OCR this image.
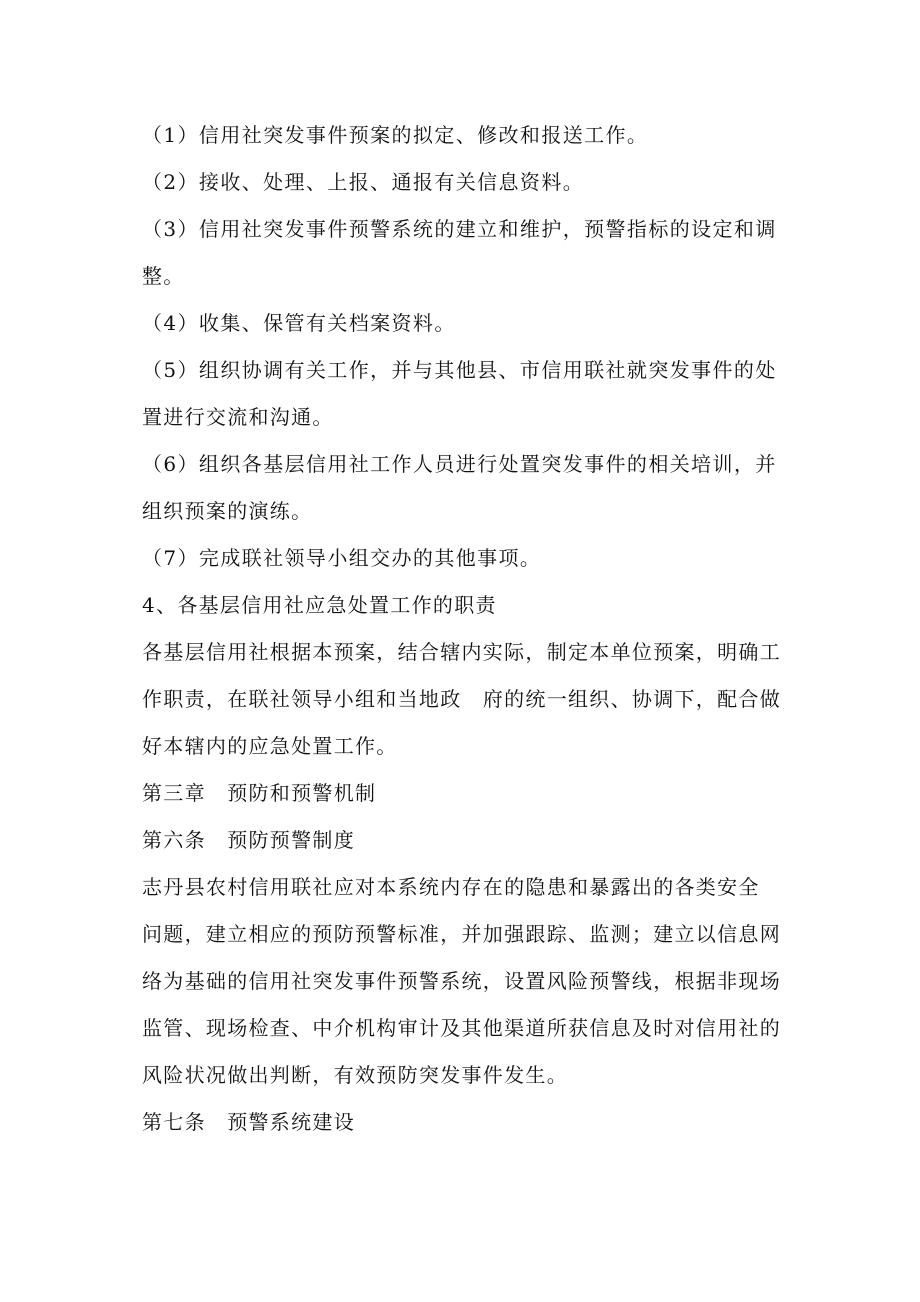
（1）信用社突发事件预案的拟定、修改和报送工作。
（2）接收、处理、上报、通报有关信息资料。
（3）信用社突发事件预警系统的建立和维护，预警指标的设定和调
整。
（4）收集、保管有关档案资料。
（5）组织协调有关工作，并与其他县、市信用联社就突发事件的处
置进行交流和沟通。
（6）组织各基层信用社工作人员进行处置突发事件的相关培训，并
组织预案的演练。
（7）完成联社领导小组交办的其他事项。
4、各基层信用社应急处置工作的职责
各基层信用社根据本预案，结合辖内实际，制定本单位预案，明确工
作职责，在联社领导小组和当地政　府的统一组织、协调下，配合做
好本辖内的应急处置工作。
第三章　预防和预警机制
第六条　预防预警制度
志丹县农村信用联社应对本系统内存在的隐患和暴露出的各类安全
问题，建立相应的预防预警标准，并加强跟踪、监测；建立以信息网
络为基础的信用社突发事件预警系统，设置风险预警线，根据非现场
监管、现场检查、中介机构审计及其他渠道所获信息及时对信用社的
风险状况做出判断，有效预防突发事件发生。
第七条　预警系统建设
